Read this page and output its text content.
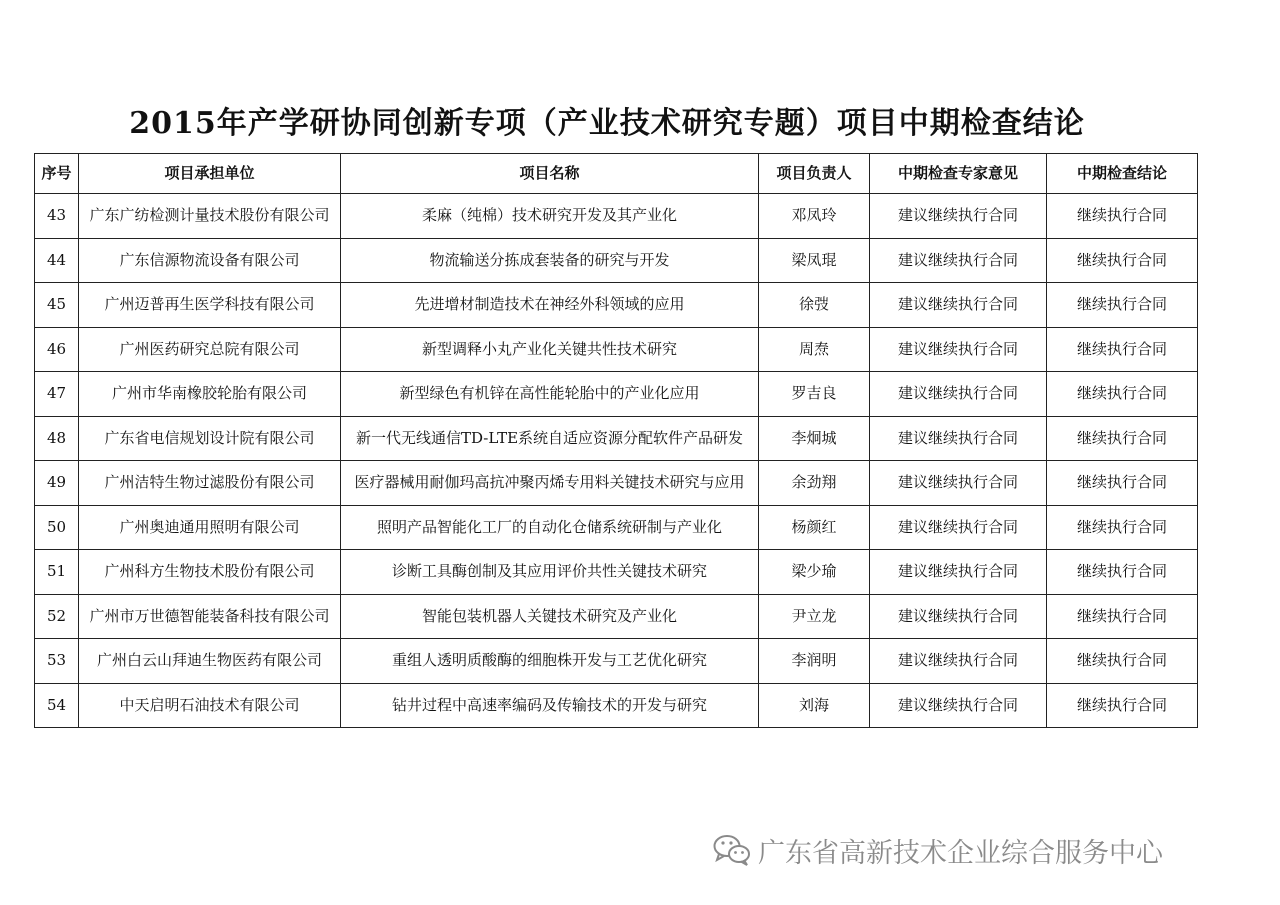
2015年产学研协同创新专项（产业技术研究专题）项目中期检查结论
序号	项目承担单位	项目名称	项目负责人	中期检查专家意见	中期检查结论
43	广东广纺检测计量技术股份有限公司	柔麻（纯棉）技术研究开发及其产业化	邓凤玲	建议继续执行合同	继续执行合同
44	广东信源物流设备有限公司	物流输送分拣成套装备的研究与开发	梁凤琨	建议继续执行合同	继续执行合同
45	广州迈普再生医学科技有限公司	先进增材制造技术在神经外科领域的应用	徐弢	建议继续执行合同	继续执行合同
46	广州医药研究总院有限公司	新型调释小丸产业化关键共性技术研究	周焘	建议继续执行合同	继续执行合同
47	广州市华南橡胶轮胎有限公司	新型绿色有机锌在高性能轮胎中的产业化应用	罗吉良	建议继续执行合同	继续执行合同
48	广东省电信规划设计院有限公司	新一代无线通信TD-LTE系统自适应资源分配软件产品研发	李炯城	建议继续执行合同	继续执行合同
49	广州洁特生物过滤股份有限公司	医疗器械用耐伽玛高抗冲聚丙烯专用料关键技术研究与应用	余劲翔	建议继续执行合同	继续执行合同
50	广州奥迪通用照明有限公司	照明产品智能化工厂的自动化仓储系统研制与产业化	杨颜红	建议继续执行合同	继续执行合同
51	广州科方生物技术股份有限公司	诊断工具酶创制及其应用评价共性关键技术研究	梁少瑜	建议继续执行合同	继续执行合同
52	广州市万世德智能装备科技有限公司	智能包装机器人关键技术研究及产业化	尹立龙	建议继续执行合同	继续执行合同
53	广州白云山拜迪生物医药有限公司	重组人透明质酸酶的细胞株开发与工艺优化研究	李润明	建议继续执行合同	继续执行合同
54	中天启明石油技术有限公司	钻井过程中高速率编码及传输技术的开发与研究	刘海	建议继续执行合同	继续执行合同
广东省高新技术企业综合服务中心
